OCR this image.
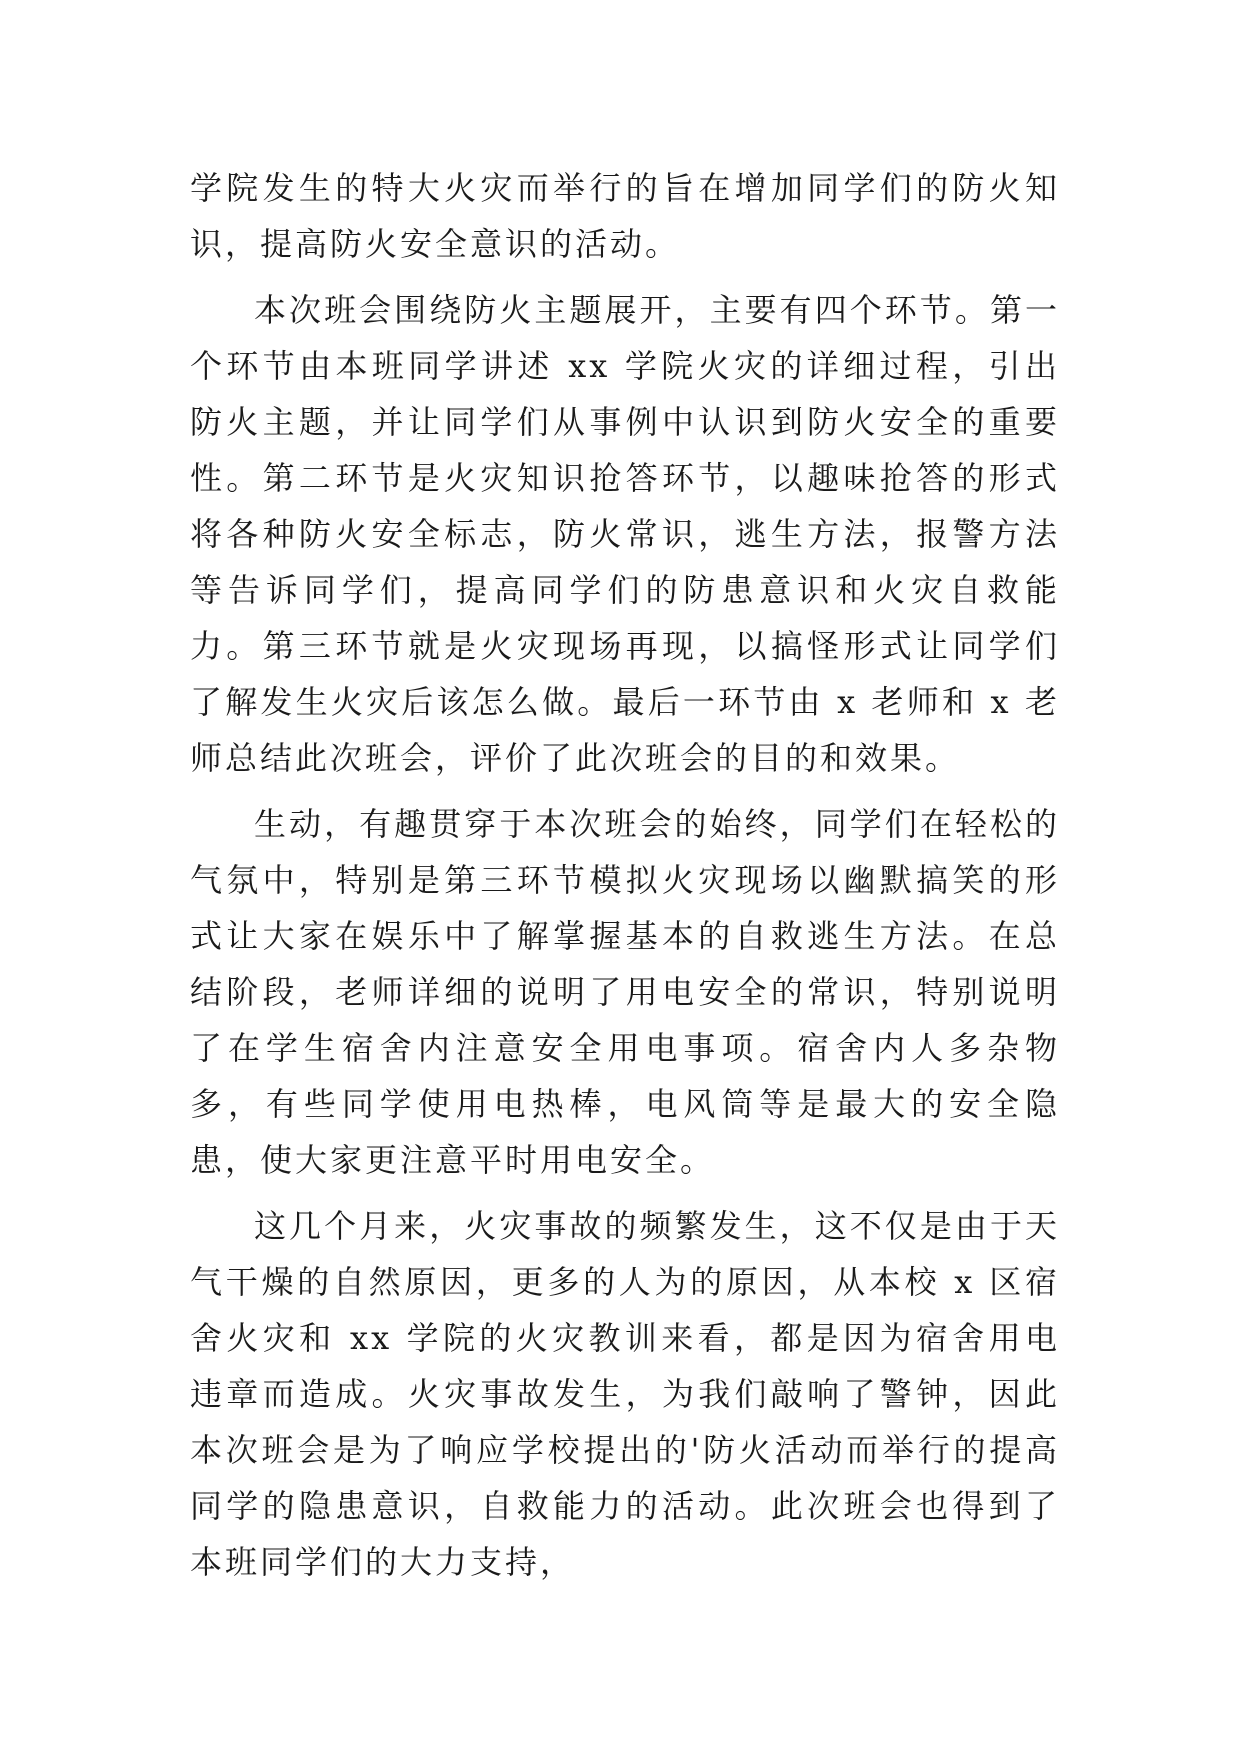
学院发生的特大火灾而举行的旨在增加同学们的防火知识，提高防火安全意识的活动。

本次班会围绕防火主题展开，主要有四个环节。第一个环节由本班同学讲述 xx 学院火灾的详细过程，引出防火主题，并让同学们从事例中认识到防火安全的重要性。第二环节是火灾知识抢答环节，以趣味抢答的形式将各种防火安全标志，防火常识，逃生方法，报警方法等告诉同学们，提高同学们的防患意识和火灾自救能力。第三环节就是火灾现场再现，以搞怪形式让同学们了解发生火灾后该怎么做。最后一环节由 x 老师和 x 老师总结此次班会，评价了此次班会的目的和效果。

生动，有趣贯穿于本次班会的始终，同学们在轻松的气氛中，特别是第三环节模拟火灾现场以幽默搞笑的形式让大家在娱乐中了解掌握基本的自救逃生方法。在总结阶段，老师详细的说明了用电安全的常识，特别说明了在学生宿舍内注意安全用电事项。宿舍内人多杂物多，有些同学使用电热棒，电风筒等是最大的安全隐患，使大家更注意平时用电安全。

这几个月来，火灾事故的频繁发生，这不仅是由于天气干燥的自然原因，更多的人为的原因，从本校 x 区宿舍火灾和 xx 学院的火灾教训来看，都是因为宿舍用电违章而造成。火灾事故发生，为我们敲响了警钟，因此本次班会是为了响应学校提出的'防火活动而举行的提高同学的隐患意识，自救能力的活动。此次班会也得到了本班同学们的大力支持，
